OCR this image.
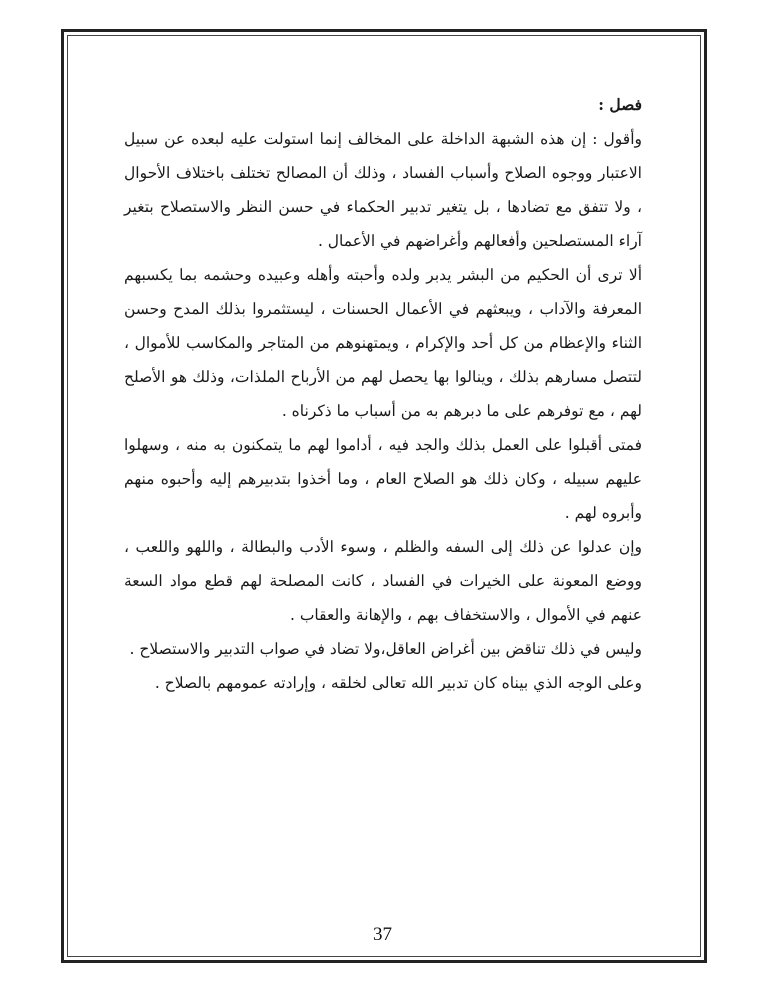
فصل :

وأقول : إن هذه الشبهة الداخلة على المخالف إنما استولت عليه لبعده عن سبيل الاعتبار ووجوه الصلاح وأسباب الفساد ، وذلك أن المصالح تختلف باختلاف الأحوال ، ولا تتفق مع تضادها ، بل يتغير تدبير الحكماء في حسن النظر والاستصلاح بتغير آراء المستصلحين وأفعالهم وأغراضهم في الأعمال .

ألا ترى أن الحكيم من البشر يدبر ولده وأحبته وأهله وعبيده وحشمه بما يكسبهم المعرفة والآداب ، ويبعثهم في الأعمال الحسنات ، ليستثمروا بذلك المدح وحسن الثناء والإعظام من كل أحد والإكرام ، ويمتهنوهم من المتاجر والمكاسب للأموال ، لتتصل مسارهم بذلك ، وينالوا بها يحصل لهم من الأرباح الملذات، وذلك هو الأصلح لهم ، مع توفرهم على ما دبرهم به من أسباب ما ذكرناه .

فمتى أقبلوا على العمل بذلك والجد فيه ، أداموا لهم ما يتمكنون به منه ، وسهلوا عليهم سبيله ، وكان ذلك هو الصلاح العام ، وما أخذوا بتدبيرهم إليه وأحبوه منهم وأبروه لهم .

وإن عدلوا عن ذلك إلى السفه والظلم ، وسوء الأدب والبطالة ، واللهو واللعب ، ووضع المعونة على الخيرات في الفساد ، كانت المصلحة لهم قطع مواد السعة عنهم في الأموال ، والاستخفاف بهم ، والإهانة والعقاب .

وليس في ذلك تناقض بين أغراض العاقل،ولا تضاد في صواب التدبير والاستصلاح .

وعلى الوجه الذي بيناه كان تدبير الله تعالى لخلقه ، وإرادته عمومهم بالصلاح .

37
